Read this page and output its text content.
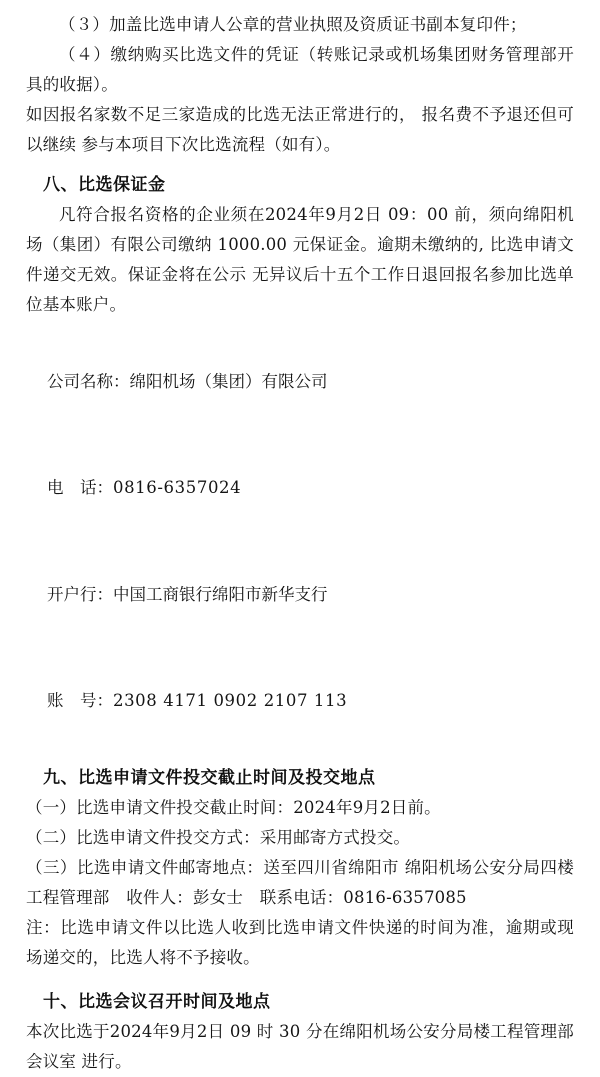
（３）加盖比选申请人公章的营业执照及资质证书副本复印件；

（４）缴纳购买比选文件的凭证（转账记录或机场集团财务管理部开具的收据）。

如因报名家数不足三家造成的比选无法正常进行的， 报名费不予退还但可以继续 参与本项目下次比选流程（如有）。

八、比选保证金

凡符合报名资格的企业须在2024年9月2日 09：00 前，须向绵阳机场（集团）有限公司缴纳 1000.00 元保证金。逾期未缴纳的, 比选申请文件递交无效。保证金将在公示 无异议后十五个工作日退回报名参加比选单位基本账户。

公司名称：绵阳机场（集团）有限公司

电　话：0816-6357024

开户行：中国工商银行绵阳市新华支行

账　号：2308 4171 0902 2107 113

九、比选申请文件投交截止时间及投交地点

（一）比选申请文件投交截止时间：2024年9月2日前。

（二）比选申请文件投交方式：采用邮寄方式投交。

（三）比选申请文件邮寄地点：送至四川省绵阳市 绵阳机场公安分局四楼工程管理部　收件人：彭女士　联系电话：0816-6357085

注：比选申请文件以比选人收到比选申请文件快递的时间为准，逾期或现场递交的，比选人将不予接收。

十、比选会议召开时间及地点

本次比选于2024年9月2日 09 时 30 分在绵阳机场公安分局楼工程管理部会议室 进行。
